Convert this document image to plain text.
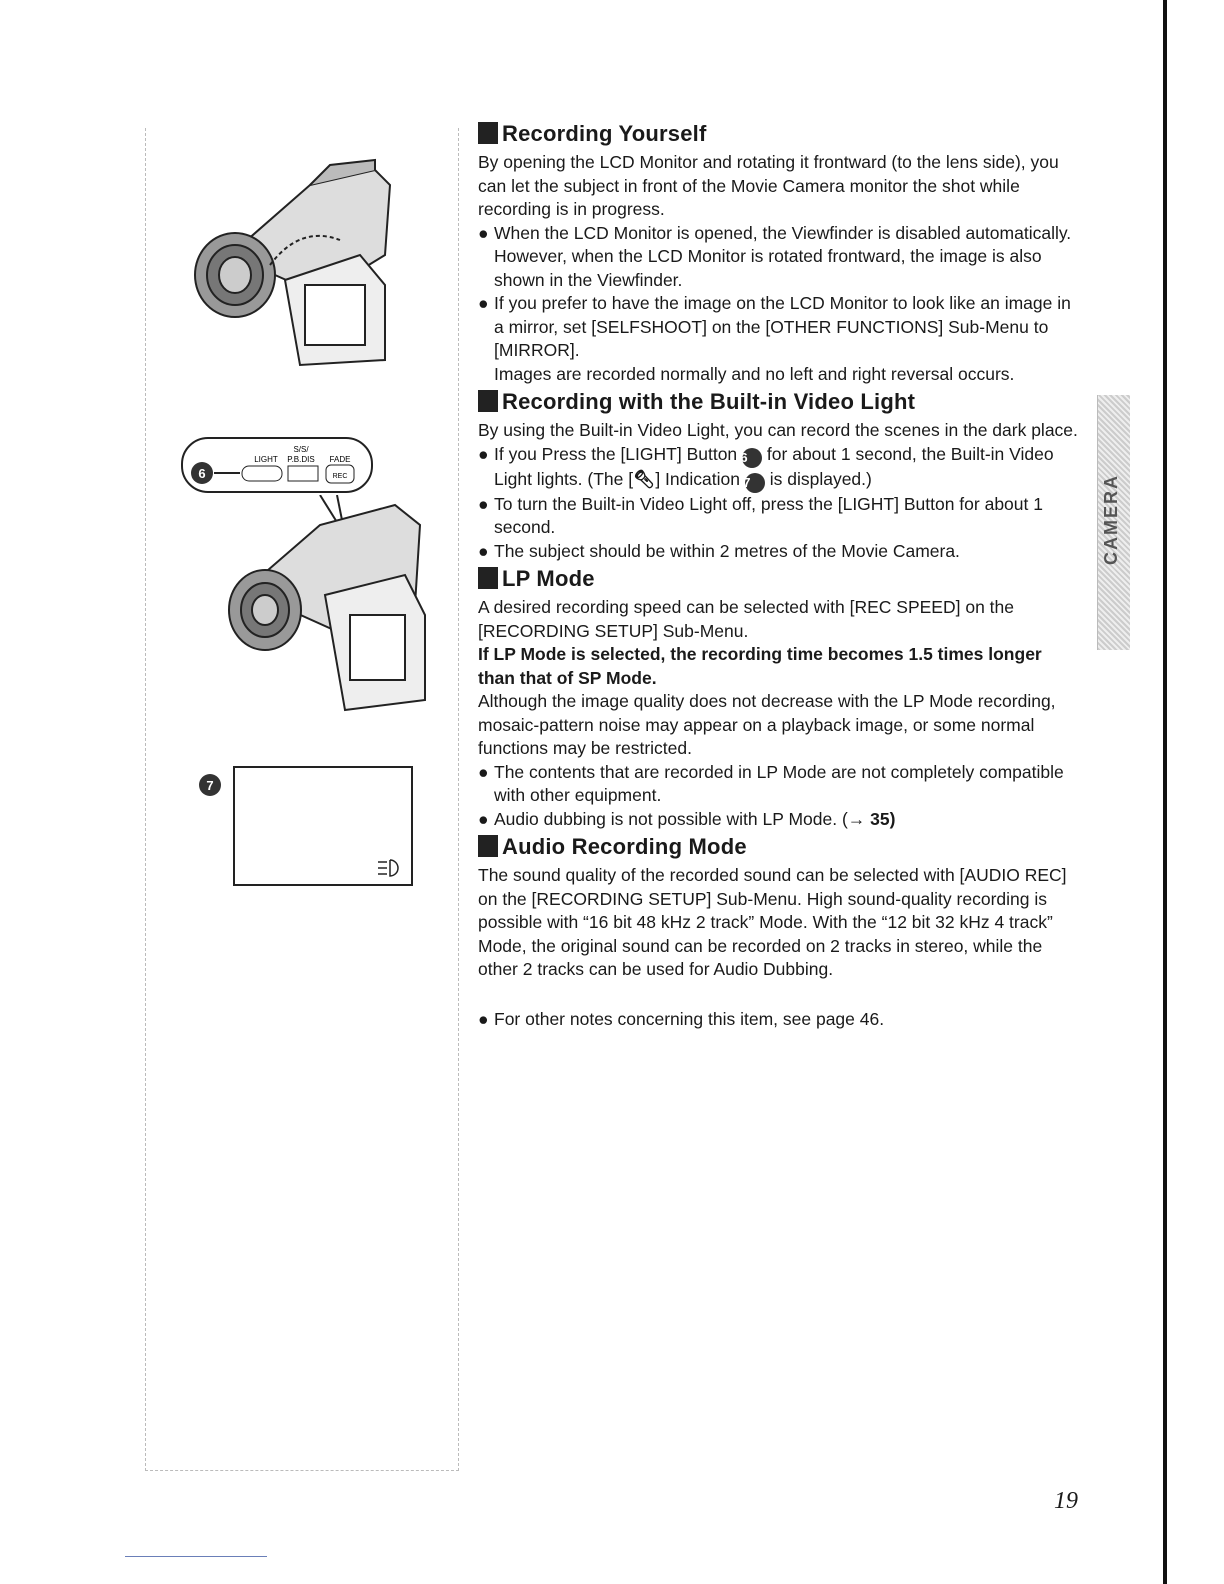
6
S/S/
LIGHT P.B.DIS FADE
REC
7
Recording Yourself

By opening the LCD Monitor and rotating it frontward (to the lens side), you can let the subject in front of the Movie Camera monitor the shot while recording is in progress.

● When the LCD Monitor is opened, the Viewfinder is disabled automatically. However, when the LCD Monitor is rotated frontward, the image is also shown in the Viewfinder.

● If you prefer to have the image on the LCD Monitor to look like an image in a mirror, set [SELFSHOOT] on the [OTHER FUNCTIONS] Sub-Menu to [MIRROR].

Images are recorded normally and no left and right reversal occurs.

Recording with the Built-in Video Light

By using the Built-in Video Light, you can record the scenes in the dark place.

● If you Press the [LIGHT] Button 6 for about 1 second, the Built-in Video Light lights. (The [🔦︎] Indication 7 is displayed.)

● To turn the Built-in Video Light off, press the [LIGHT] Button for about 1 second.

● The subject should be within 2 metres of the Movie Camera.

LP Mode

A desired recording speed can be selected with [REC SPEED] on the [RECORDING SETUP] Sub-Menu.

If LP Mode is selected, the recording time becomes 1.5 times longer than that of SP Mode.

Although the image quality does not decrease with the LP Mode recording, mosaic-pattern noise may appear on a playback image, or some normal functions may be restricted.

● The contents that are recorded in LP Mode are not completely compatible with other equipment.

● Audio dubbing is not possible with LP Mode. (→ 35)

Audio Recording Mode

The sound quality of the recorded sound can be selected with [AUDIO REC] on the [RECORDING SETUP] Sub-Menu. High sound-quality recording is possible with “16 bit 48 kHz 2 track” Mode. With the “12 bit 32 kHz 4 track” Mode, the original sound can be recorded on 2 tracks in stereo, while the other 2 tracks can be used for Audio Dubbing.

● For other notes concerning this item, see page 46.

CAMERA
19
